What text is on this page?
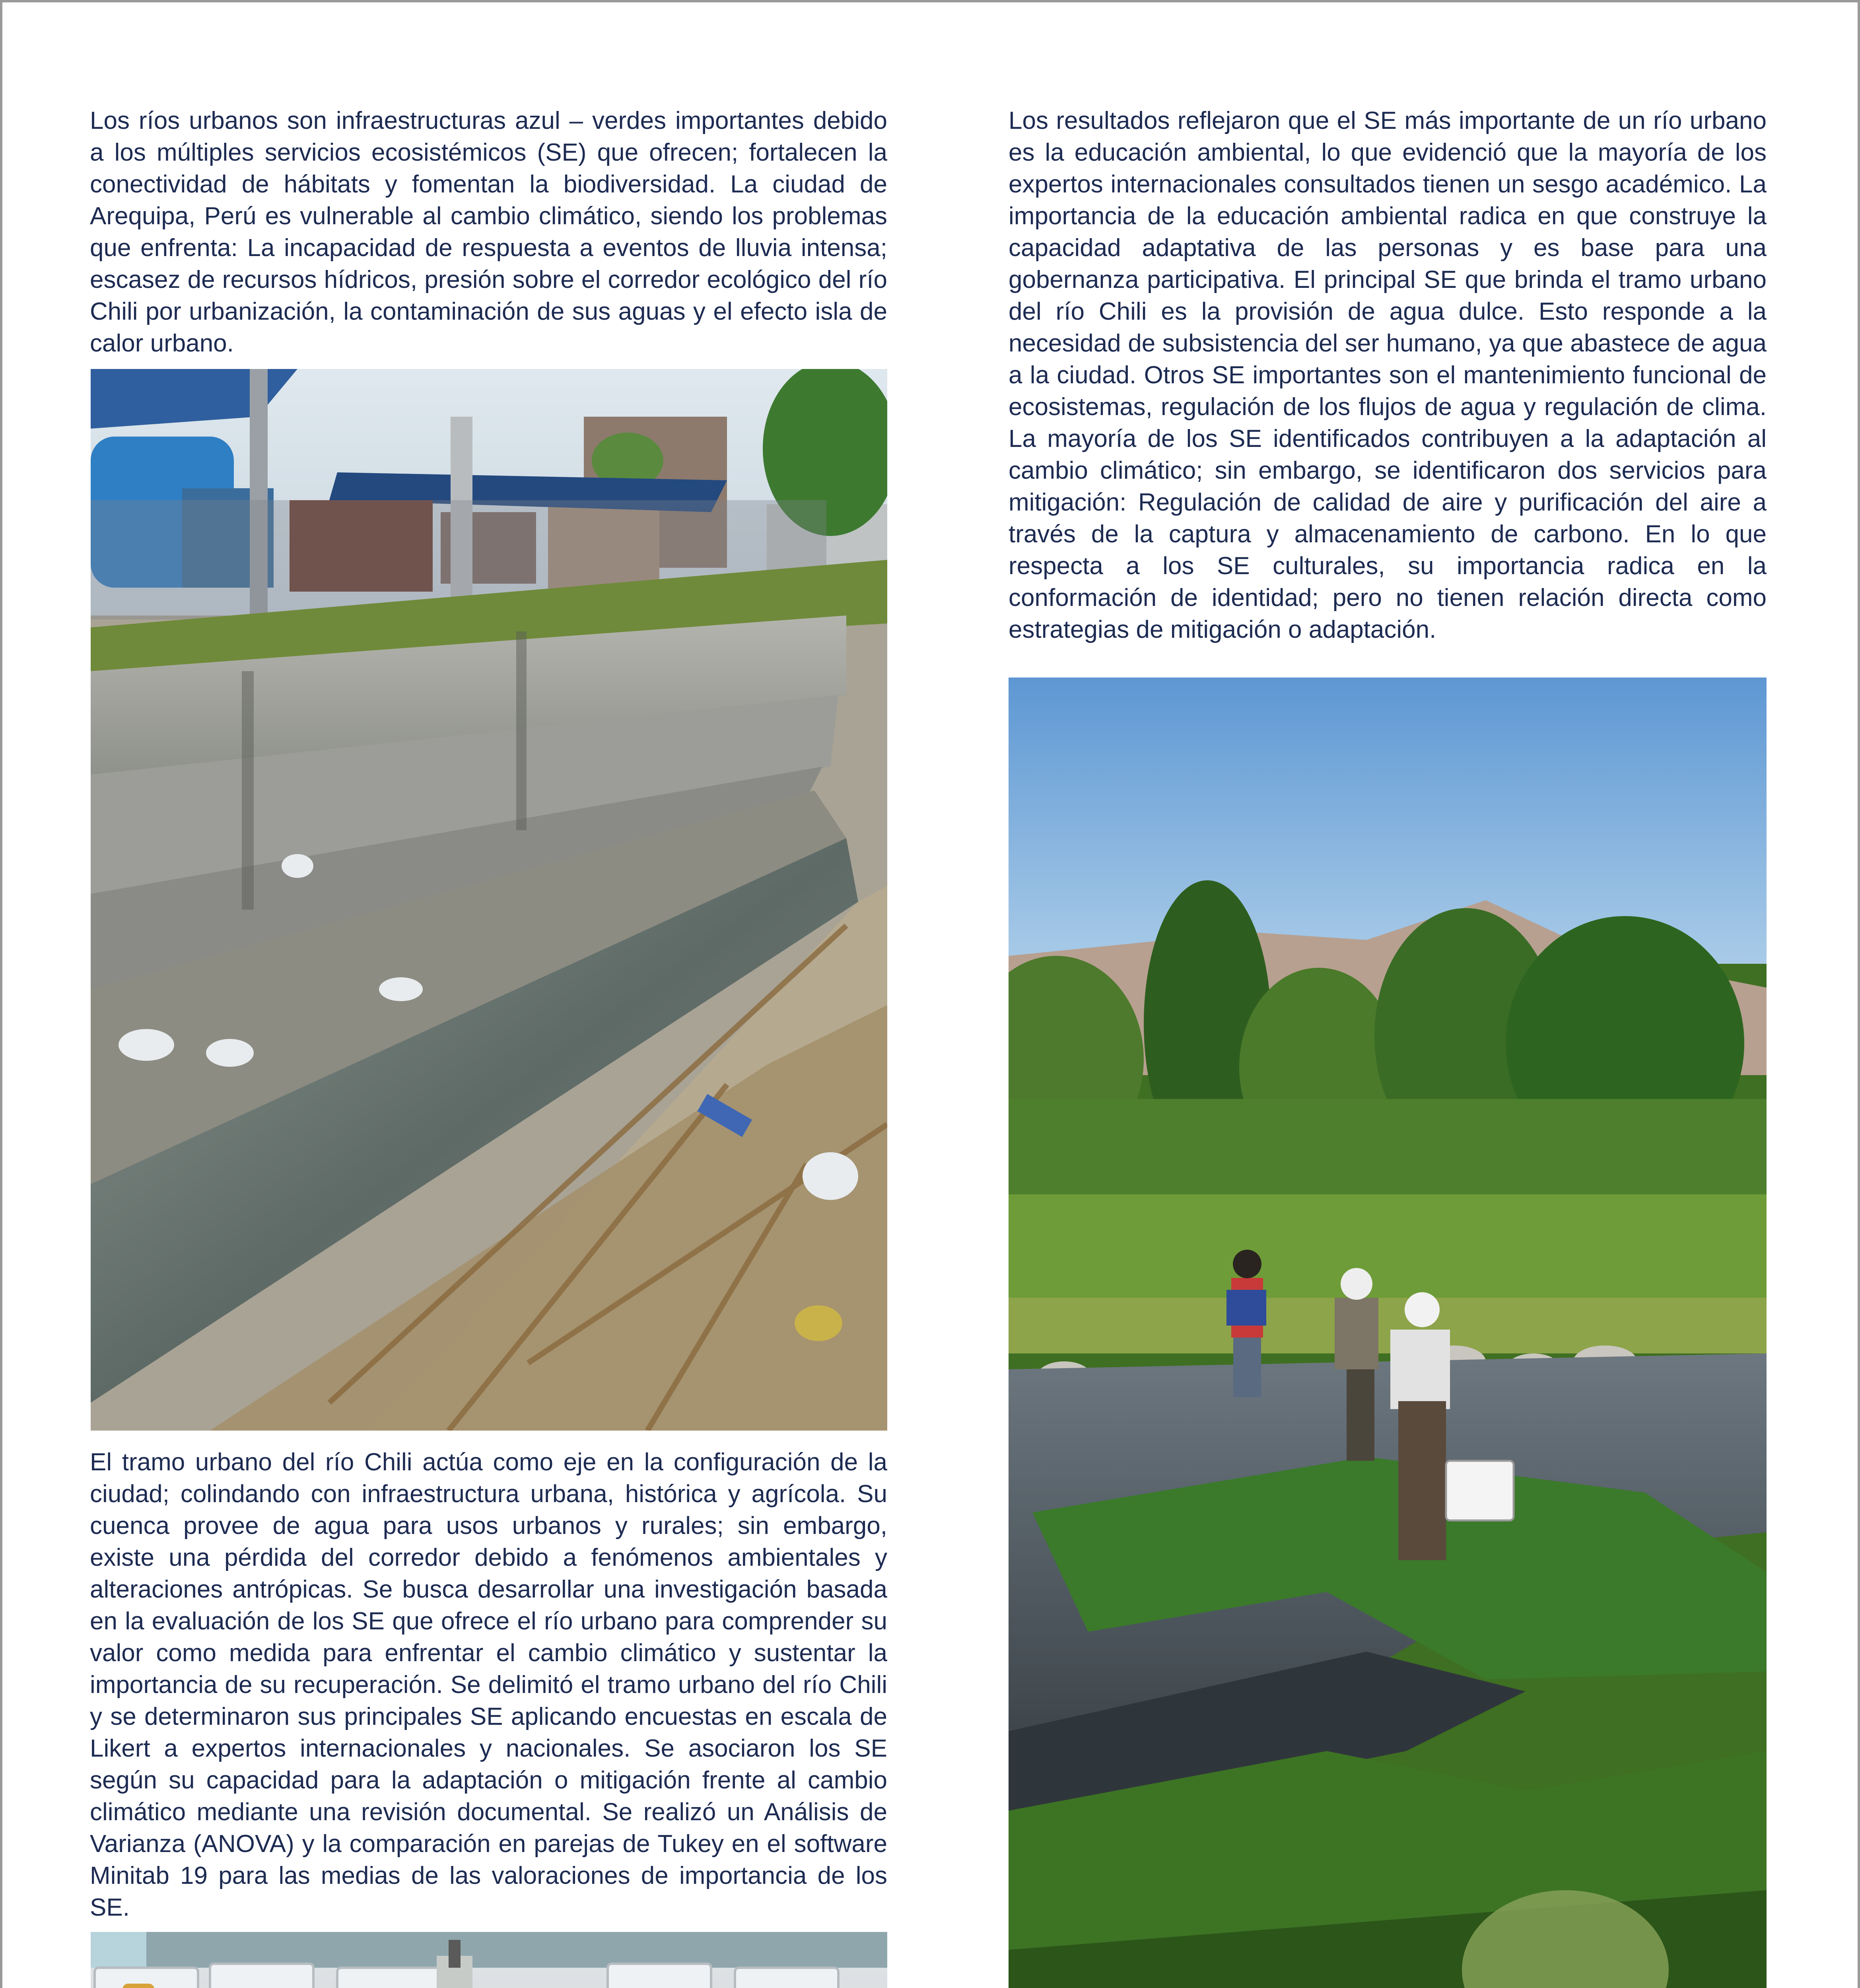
Los ríos urbanos son infraestructuras azul – verdes importantes debido a los múltiples servicios ecosistémicos (SE) que ofrecen; fortalecen la conectividad de hábitats y fomentan la biodiversidad. La ciudad de Arequipa, Perú es vulnerable al cambio climático, siendo los problemas que enfrenta: La incapacidad de respuesta a eventos de lluvia intensa; escasez de recursos hídricos, presión sobre el corredor ecológico del río Chili por urbanización, la contaminación de sus aguas y el efecto isla de calor urbano.

El tramo urbano del río Chili actúa como eje en la configuración de la ciudad; colindando con infraestructura urbana, histórica y agrícola. Su cuenca provee de agua para usos urbanos y rurales; sin embargo, existe una pérdida del corredor debido a fenómenos ambientales y alteraciones antrópicas. Se busca desarrollar una investigación basada en la evaluación de los SE que ofrece el río urbano para comprender su valor como medida para enfrentar el cambio climático y sustentar la importancia de su recuperación. Se delimitó el tramo urbano del río Chili y se determinaron sus principales SE aplicando encuestas en escala de Likert a expertos internacionales y nacionales. Se asociaron los SE según su capacidad para la adaptación o mitigación frente al cambio climático mediante una revisión documental. Se realizó un Análisis de Varianza (ANOVA) y la comparación en parejas de Tukey en el software Minitab 19 para las medias de las valoraciones de importancia de los SE.

Los resultados reflejaron que el SE más importante de un río urbano es la educación ambiental, lo que evidenció que la mayoría de los expertos internacionales consultados tienen un sesgo académico. La importancia de la educación ambiental radica en que construye la capacidad adaptativa de las personas y es base para una gobernanza participativa. El principal SE que brinda el tramo urbano del río Chili es la provisión de agua dulce. Esto responde a la necesidad de subsistencia del ser humano, ya que abastece de agua a la ciudad. Otros SE importantes son el mantenimiento funcional de ecosistemas, regulación de los flujos de agua y regulación de clima. La mayoría de los SE identificados contribuyen a la adaptación al cambio climático; sin embargo, se identificaron dos servicios para mitigación: Regulación de calidad de aire y purificación del aire a través de la captura y almacenamiento de carbono. En lo que respecta a los SE culturales, su importancia radica en la conformación de identidad; pero no tienen relación directa como estrategias de mitigación o adaptación.
